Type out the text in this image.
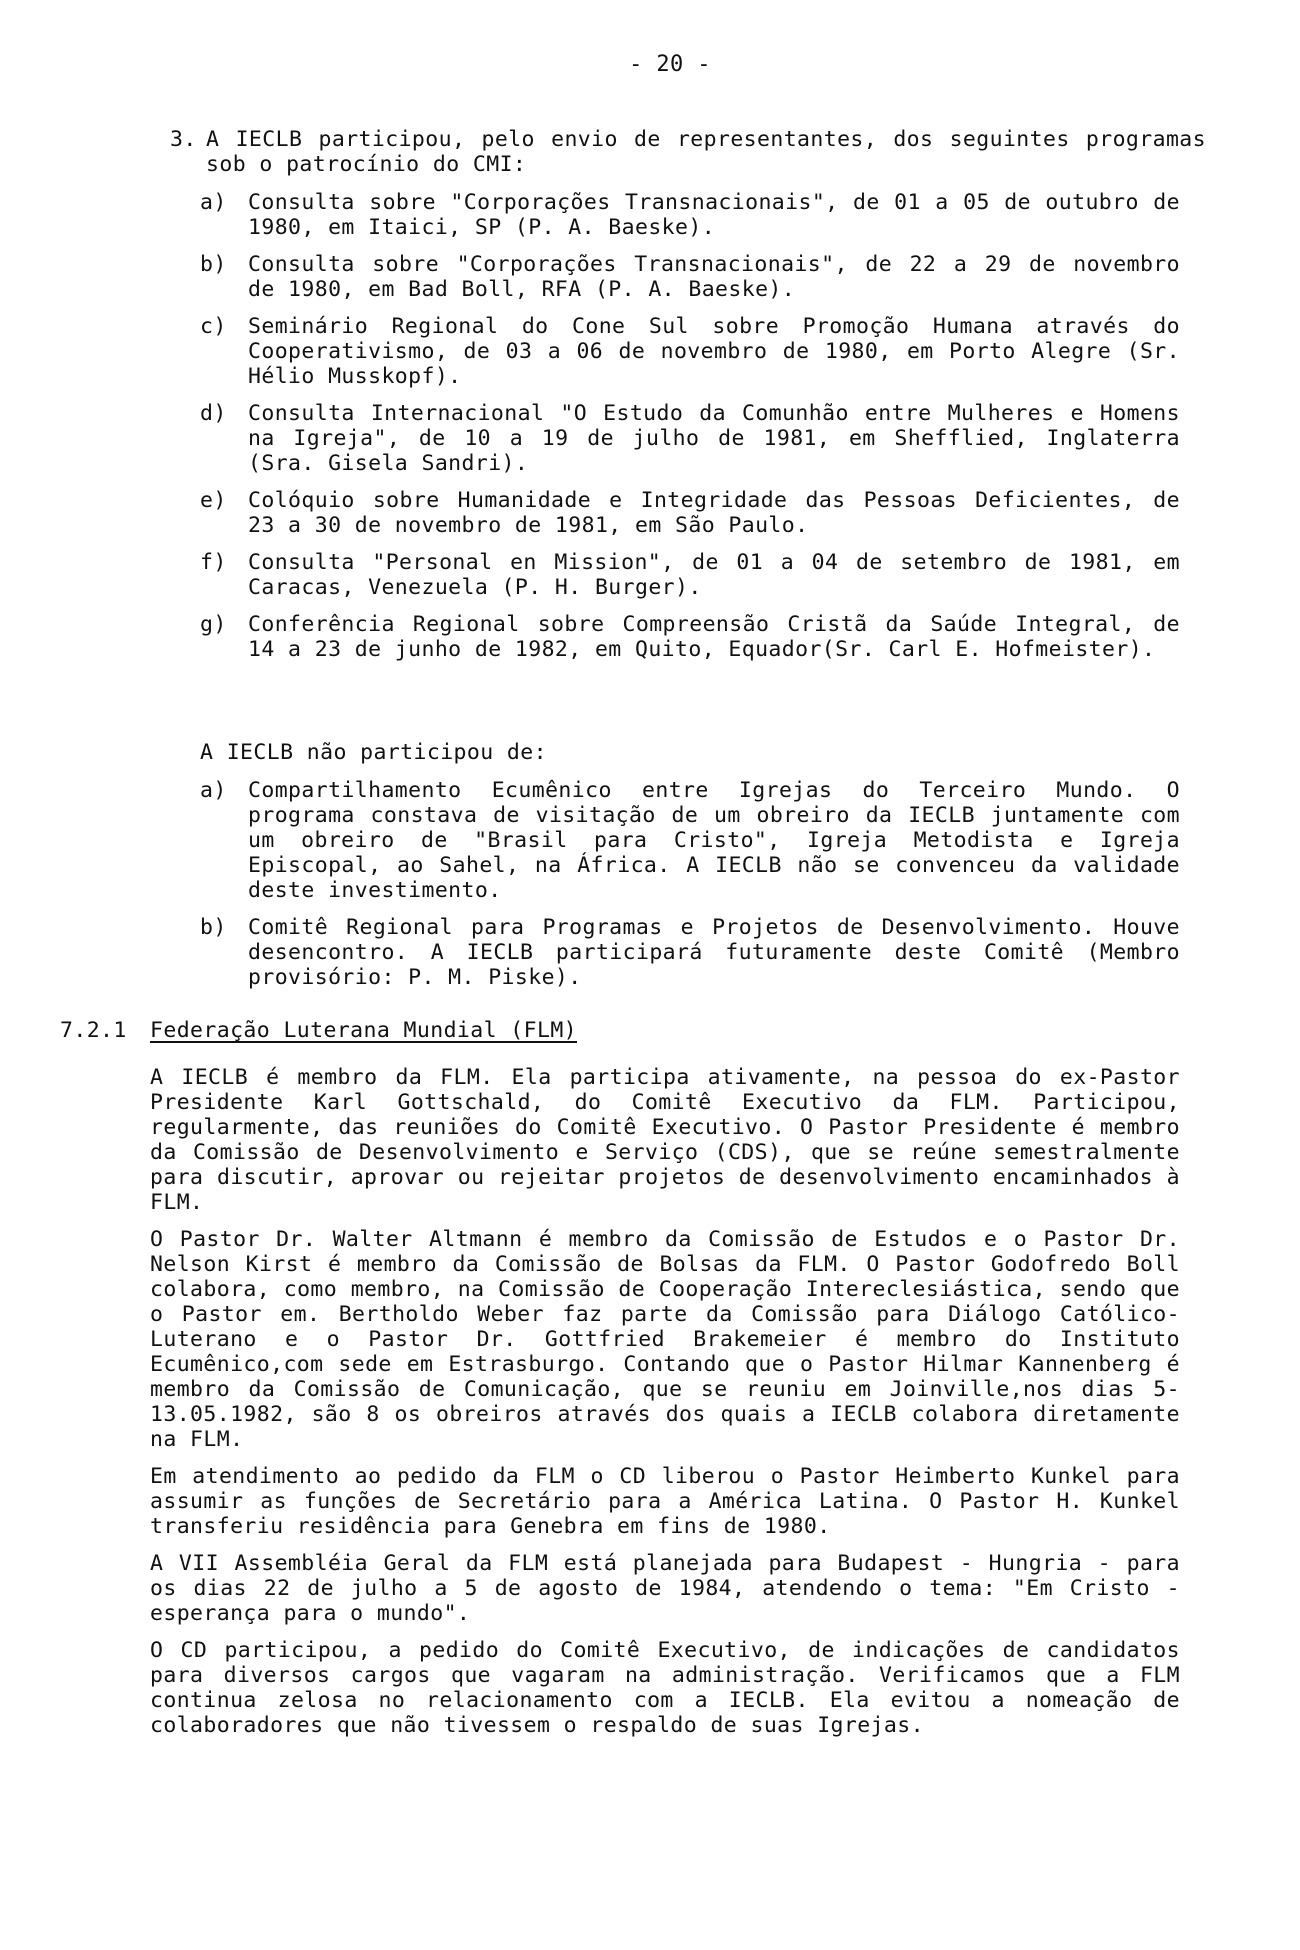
- 20 -
3. A IECLB participou, pelo envio de representantes, dos seguintes programas sob o patrocínio do CMI:
a) Consulta sobre "Corporações Transnacionais", de 01 a 05 de outubro de 1980, em Itaici, SP (P. A. Baeske).
b) Consulta sobre "Corporações Transnacionais", de 22 a 29 de novembro de 1980, em Bad Boll, RFA (P. A. Baeske).
c) Seminário Regional do Cone Sul sobre Promoção Humana através do Cooperativismo, de 03 a 06 de novembro de 1980, em Porto Alegre (Sr. Hélio Musskopf).
d) Consulta Internacional "O Estudo da Comunhão entre Mulheres e Homens na Igreja", de 10 a 19 de julho de 1981, em Shefflied, Inglaterra (Sra. Gisela Sandri).
e) Colóquio sobre Humanidade e Integridade das Pessoas Deficientes, de 23 a 30 de novembro de 1981, em São Paulo.
f) Consulta "Personal en Mission", de 01 a 04 de setembro de 1981, em Caracas, Venezuela (P. H. Burger).
g) Conferência Regional sobre Compreensão Cristã da Saúde Integral, de 14 a 23 de junho de 1982, em Quito, Equador(Sr. Carl E. Hofmeister).
A IECLB não participou de:
a) Compartilhamento Ecumênico entre Igrejas do Terceiro Mundo. O programa constava de visitação de um obreiro da IECLB juntamente com um obreiro de "Brasil para Cristo", Igreja Metodista e Igreja Episcopal, ao Sahel, na África. A IECLB não se convenceu da validade deste investimento.
b) Comitê Regional para Programas e Projetos de Desenvolvimento. Houve desencontro. A IECLB participará futuramente deste Comitê (Membro provisório: P. M. Piske).
7.2.1 Federação Luterana Mundial (FLM)

A IECLB é membro da FLM. Ela participa ativamente, na pessoa do ex-Pastor Presidente Karl Gottschald, do Comitê Executivo da FLM. Participou, regularmente, das reuniões do Comitê Executivo. O Pastor Presidente é membro da Comissão de Desenvolvimento e Serviço (CDS), que se reúne semestralmente para discutir, aprovar ou rejeitar projetos de desenvolvimento encaminhados à FLM.

O Pastor Dr. Walter Altmann é membro da Comissão de Estudos e o Pastor Dr. Nelson Kirst é membro da Comissão de Bolsas da FLM. O Pastor Godofredo Boll colabora, como membro, na Comissão de Cooperação Intereclesiástica, sendo que o Pastor em. Bertholdo Weber faz parte da Comissão para Diálogo Católico-Luterano e o Pastor Dr. Gottfried Brakemeier é membro do Instituto Ecumênico,com sede em Estrasburgo. Contando que o Pastor Hilmar Kannenberg é membro da Comissão de Comunicação, que se reuniu em Joinville,nos dias 5-13.05.1982, são 8 os obreiros através dos quais a IECLB colabora diretamente na FLM.

Em atendimento ao pedido da FLM o CD liberou o Pastor Heimberto Kunkel para assumir as funções de Secretário para a América Latina. O Pastor H. Kunkel transferiu residência para Genebra em fins de 1980.

A VII Assembléia Geral da FLM está planejada para Budapest - Hungria - para os dias 22 de julho a 5 de agosto de 1984, atendendo o tema: "Em Cristo - esperança para o mundo".

O CD participou, a pedido do Comitê Executivo, de indicações de candidatos para diversos cargos que vagaram na administração. Verificamos que a FLM continua zelosa no relacionamento com a IECLB. Ela evitou a nomeação de colaboradores que não tivessem o respaldo de suas Igrejas.
